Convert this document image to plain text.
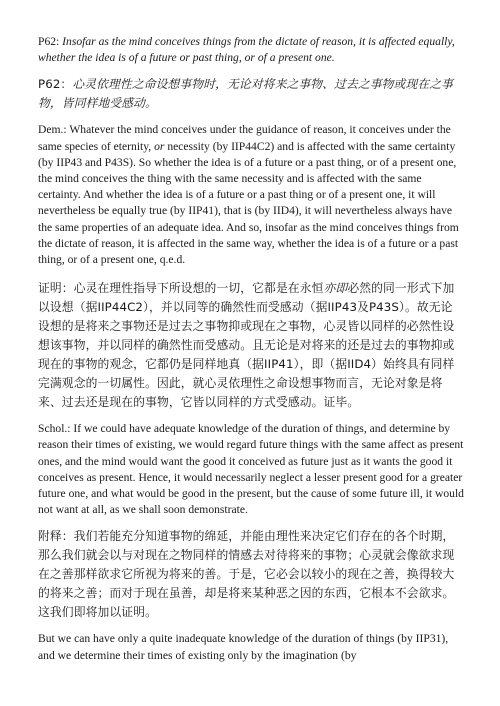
P62: Insofar as the mind conceives things from the dictate of reason, it is affected equally, whether the idea is of a future or past thing, or of a present one.

P62：心灵依理性之命设想事物时，无论对将来之事物、过去之事物或现在之事物，皆同样地受感动。

Dem.: Whatever the mind conceives under the guidance of reason, it conceives under the same species of eternity, or necessity (by IIP44C2) and is affected with the same certainty (by IIP43 and P43S). So whether the idea is of a future or a past thing, or of a present one, the mind conceives the thing with the same necessity and is affected with the same certainty. And whether the idea is of a future or a past thing or of a present one, it will nevertheless be equally true (by IIP41), that is (by IID4), it will nevertheless always have the same properties of an adequate idea. And so, insofar as the mind conceives things from the dictate of reason, it is affected in the same way, whether the idea is of a future or a past thing, or of a present one, q.e.d.

证明：心灵在理性指导下所设想的一切，它都是在永恒亦即必然的同一形式下加以设想（据IIP44C2），并以同等的确然性而受感动（据IIP43及P43S）。故无论设想的是将来之事物还是过去之事物抑或现在之事物，心灵皆以同样的必然性设想该事物，并以同样的确然性而受感动。且无论是对将来的还是过去的事物抑或现在的事物的观念，它都仍是同样地真（据IIP41），即（据IID4）始终具有同样完满观念的一切属性。因此，就心灵依理性之命设想事物而言，无论对象是将来、过去还是现在的事物，它皆以同样的方式受感动。证毕。

Schol.: If we could have adequate knowledge of the duration of things, and determine by reason their times of existing, we would regard future things with the same affect as present ones, and the mind would want the good it conceived as future just as it wants the good it conceives as present. Hence, it would necessarily neglect a lesser present good for a greater future one, and what would be good in the present, but the cause of some future ill, it would not want at all, as we shall soon demonstrate.

附释：我们若能充分知道事物的绵延，并能由理性来决定它们存在的各个时期，那么我们就会以与对现在之物同样的情感去对待将来的事物；心灵就会像欲求现在之善那样欲求它所视为将来的善。于是，它必会以较小的现在之善，换得较大的将来之善；而对于现在虽善，却是将来某种恶之因的东西，它根本不会欲求。这我们即将加以证明。

But we can have only a quite inadequate knowledge of the duration of things (by IIP31), and we determine their times of existing only by the imagination (by
